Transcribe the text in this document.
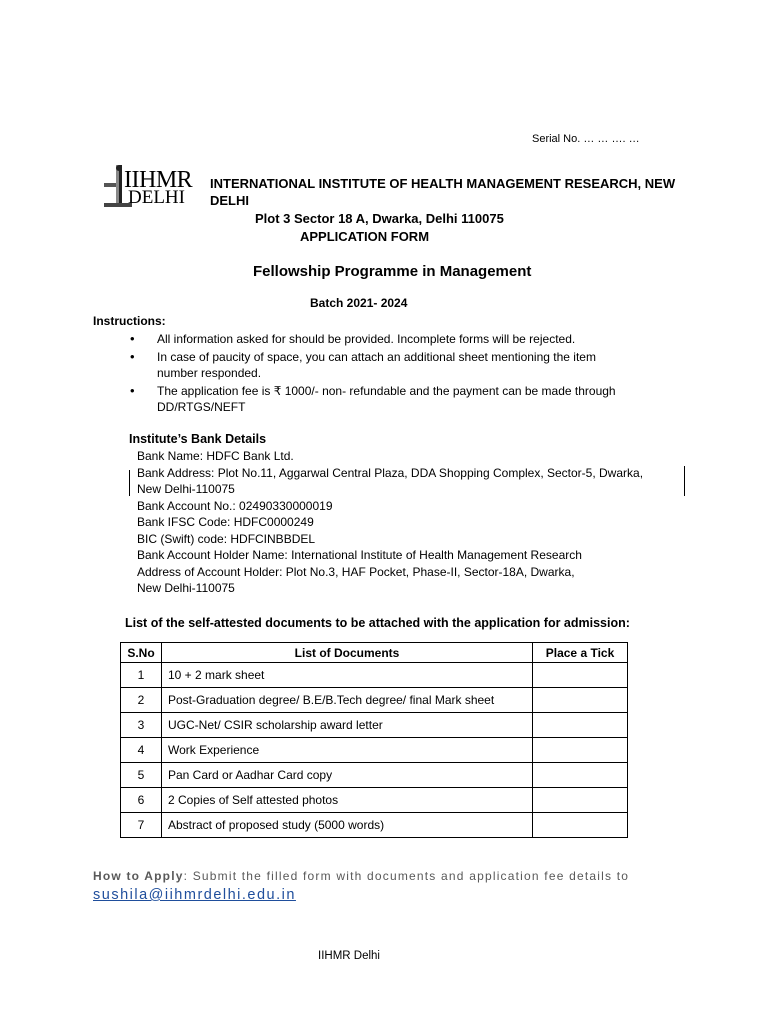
Serial No. … … …. …
IIHMR
DELHI
INTERNATIONAL INSTITUTE OF HEALTH MANAGEMENT RESEARCH, NEW
DELHI
Plot 3 Sector 18 A, Dwarka, Delhi 110075
APPLICATION FORM
Fellowship Programme in Management
Batch 2021- 2024
Instructions:
• All information asked for should be provided. Incomplete forms will be rejected.
• In case of paucity of space, you can attach an additional sheet mentioning the item number responded.
• The application fee is ₹ 1000/- non- refundable and the payment can be made through DD/RTGS/NEFT
Institute’s Bank Details
Bank Name: HDFC Bank Ltd.
Bank Address: Plot No.11, Aggarwal Central Plaza, DDA Shopping Complex, Sector-5, Dwarka,
New Delhi-110075
Bank Account No.: 02490330000019
Bank IFSC Code: HDFC0000249
BIC (Swift) code: HDFCINBBDEL
Bank Account Holder Name: International Institute of Health Management Research
Address of Account Holder: Plot No.3, HAF Pocket, Phase-II, Sector-18A, Dwarka,
New Delhi-110075
List of the self-attested documents to be attached with the application for admission:
S.No	List of Documents	Place a Tick
1	10 + 2 mark sheet	
2	Post-Graduation degree/ B.E/B.Tech degree/ final Mark sheet	
3	UGC-Net/ CSIR scholarship award letter	
4	Work Experience	
5	Pan Card or Aadhar Card copy	
6	2 Copies of Self attested photos	
7	Abstract of proposed study (5000 words)	
How to Apply: Submit the filled form with documents and application fee details to
sushila@iihmrdelhi.edu.in
IIHMR Delhi
